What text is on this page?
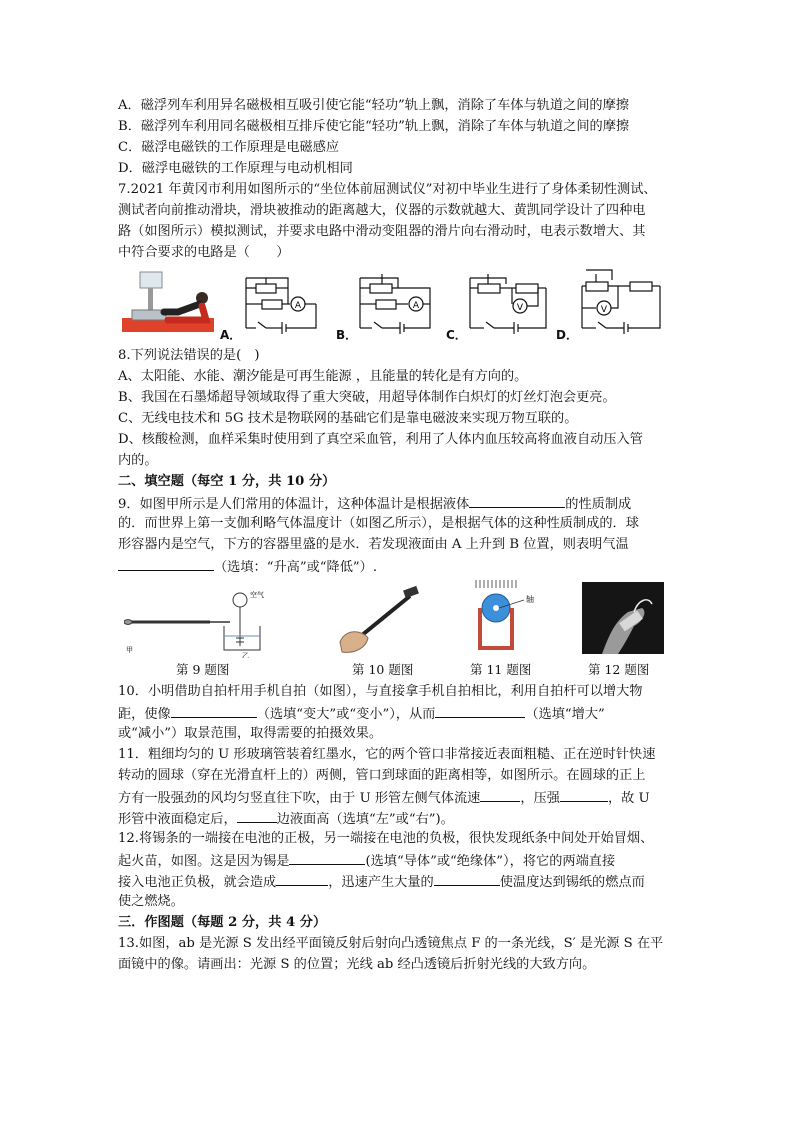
A．磁浮列车利用异名磁极相互吸引使它能“轻功”轨上飘，消除了车体与轨道之间的摩擦
B．磁浮列车利用同名磁极相互排斥使它能“轻功”轨上飘，消除了车体与轨道之间的摩擦
C．磁浮电磁铁的工作原理是电磁感应
D．磁浮电磁铁的工作原理与电动机相同
7.2021 年黄冈市利用如图所示的“坐位体前屈测试仪”对初中毕业生进行了身体柔韧性测试、
测试者向前推动滑块，滑块被推动的距离越大，仪器的示数就越大、黄凯同学设计了四种电
路（如图所示）模拟测试，并要求电路中滑动变阻器的滑片向右滑动时，电表示数增大、其
中符合要求的电路是（　　）
A
A．
A
B．
V
C．
V
D．
8.下列说法错误的是(　)
A、太阳能、水能、潮汐能是可再生能源 ，且能量的转化是有方向的。
B、我国在石墨烯超导领域取得了重大突破，用超导体制作白炽灯的灯丝灯泡会更亮。
C、无线电技术和 5G 技术是物联网的基础它们是靠电磁波来实现万物互联的。
D、核酸检测，血样采集时使用到了真空采血管，利用了人体内血压较高将血液自动压入管
内的。
二、填空题（每空 1 分，共 10 分）
9．如图甲所示是人们常用的体温计，这种体温计是根据液体	的性质制成
的．而世界上第一支伽利略气体温度计（如图乙所示），是根据气体的这种性质制成的．球
形容器内是空气，下方的容器里盛的是水．若发现液面由 A 上升到 B 位置，则表明气温
（选填：“升高”或“降低”）.
空气
甲
乙
轴
第 9 题图	第 10 题图	第 11 题图	第 12 题图
10．小明借助自拍杆用手机自拍（如图），与直接拿手机自拍相比，利用自拍杆可以增大物
距，使像	（选填“变大”或“变小”），从而	（选填“增大”
或“减小”）取景范围，取得需要的拍摄效果。
11．粗细均匀的 U 形玻璃管装着红墨水，它的两个管口非常接近表面粗糙、正在逆时针快速
转动的圆球（穿在光滑直杆上的）两侧，管口到球面的距离相等，如图所示。在圆球的正上
方有一股强劲的风均匀竖直往下吹，由于 U 形管左侧气体流速	，压强	，故 U
形管中液面稳定后，	边液面高（选填“左”或“右”)。
12.将锡条的一端接在电池的正极，另一端接在电池的负极，很快发现纸条中间处开始冒烟、
起火苗，如图。这是因为锡是	(选填“导体”或“绝缘体”），将它的两端直接
接入电池正负极，就会造成	，迅速产生大量的	使温度达到锡纸的燃点而
使之燃烧。
三．作图题（每题 2 分，共 4 分）
13.如图，ab 是光源 S 发出经平面镜反射后射向凸透镜焦点 F 的一条光线，S′ 是光源 S 在平
面镜中的像。请画出：光源 S 的位置；光线 ab 经凸透镜后折射光线的大致方向。
